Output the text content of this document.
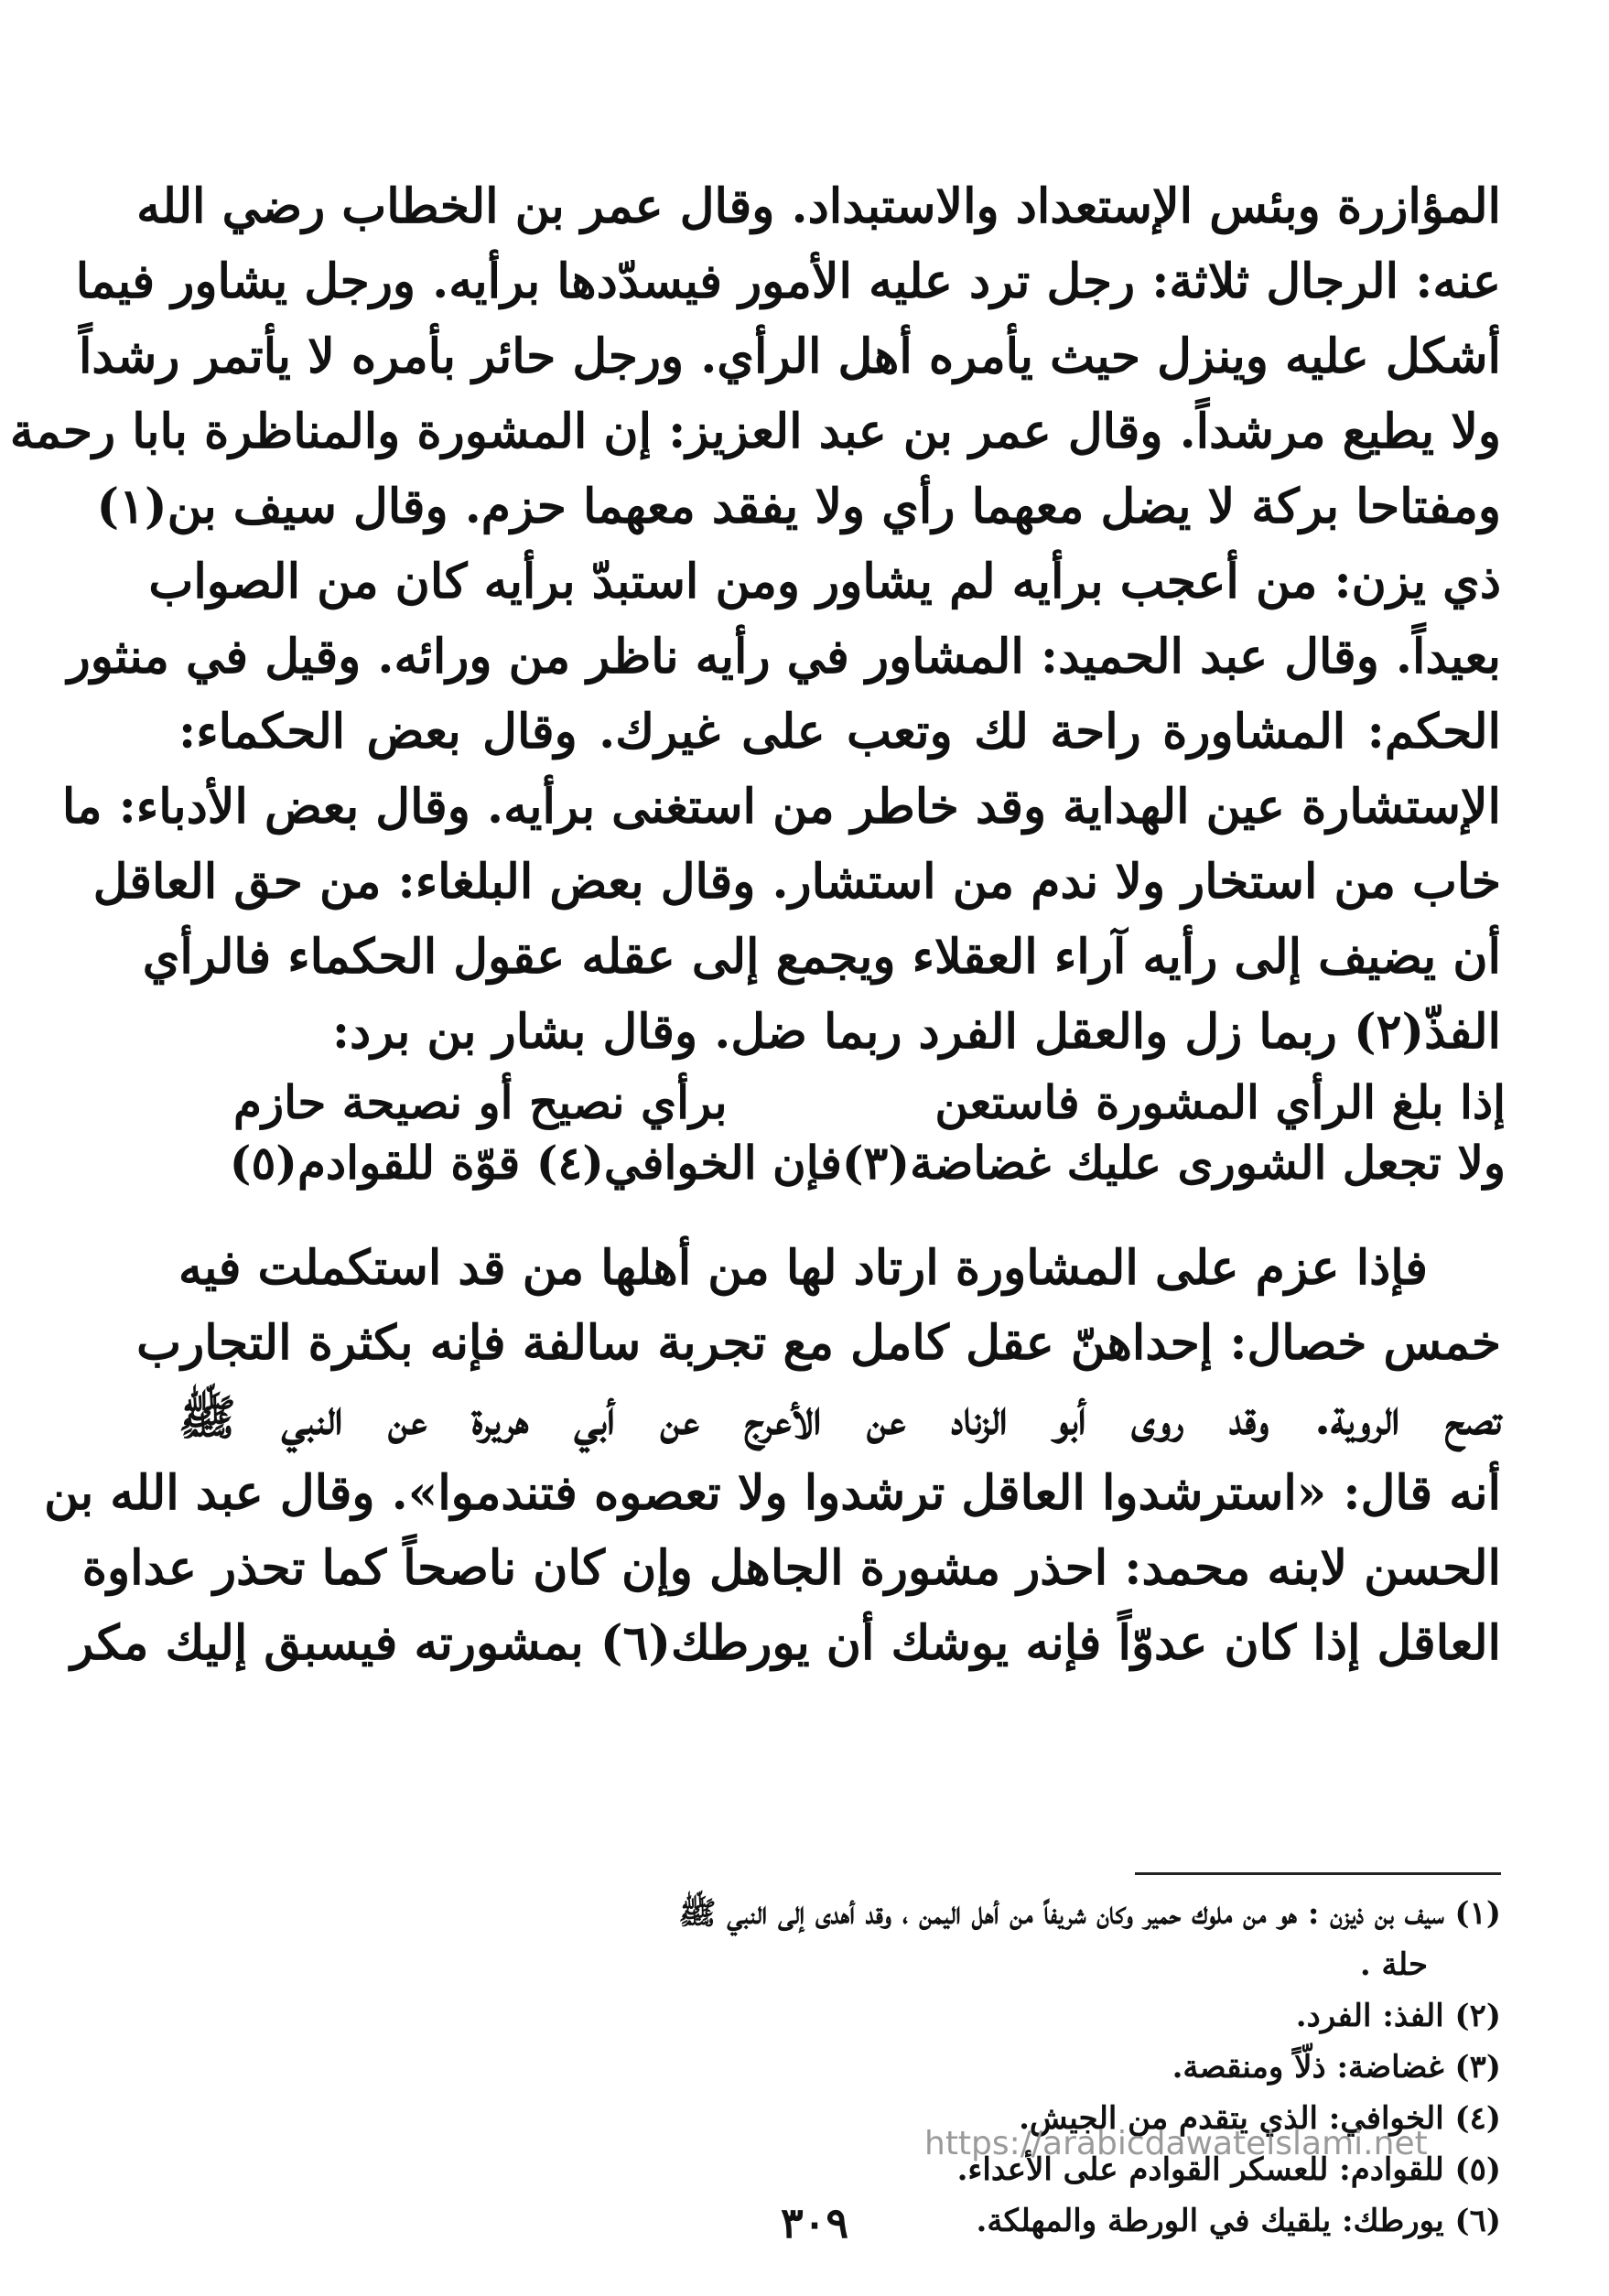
المؤازرة وبئس الإستعداد والاستبداد. وقال عمر بن الخطاب رضي الله
عنه: الرجال ثلاثة: رجل ترد عليه الأمور فيسدّدها برأيه. ورجل يشاور فيما
أشكل عليه وينزل حيث يأمره أهل الرأي. ورجل حائر بأمره لا يأتمر رشداً
ولا يطيع مرشداً. وقال عمر بن عبد العزيز: إن المشورة والمناظرة بابا رحمة
ومفتاحا بركة لا يضل معهما رأي ولا يفقد معهما حزم. وقال سيف بن(١)
ذي يزن: من أعجب برأيه لم يشاور ومن استبدّ برأيه كان من الصواب
بعيداً. وقال عبد الحميد: المشاور في رأيه ناظر من ورائه. وقيل في منثور
الحكم: المشاورة راحة لك وتعب على غيرك. وقال بعض الحكماء:
الإستشارة عين الهداية وقد خاطر من استغنى برأيه. وقال بعض الأدباء: ما
خاب من استخار ولا ندم من استشار. وقال بعض البلغاء: من حق العاقل
أن يضيف إلى رأيه آراء العقلاء ويجمع إلى عقله عقول الحكماء فالرأي
الفذّ(٢) ربما زل والعقل الفرد ربما ضل. وقال بشار بن برد:
إذا بلغ الرأي المشورة فاستعن
برأي نصيح أو نصيحة حازم
ولا تجعل الشورى عليك غضاضة(٣)
فإن الخوافي(٤) قوّة للقوادم(٥)
فإذا عزم على المشاورة ارتاد لها من أهلها من قد استكملت فيه
خمس خصال: إحداهنّ عقل كامل مع تجربة سالفة فإنه بكثرة التجارب
تصح الروية. وقد روى أبو الزناد عن الأعرج عن أبي هريرة عن النبي ﷺ
أنه قال: «استرشدوا العاقل ترشدوا ولا تعصوه فتندموا». وقال عبد الله بن
الحسن لابنه محمد: احذر مشورة الجاهل وإن كان ناصحاً كما تحذر عداوة
العاقل إذا كان عدوّاً فإنه يوشك أن يورطك(٦) بمشورته فيسبق إليك مكر
(١) سيف بن ذيزن : هو من ملوك حمير وكان شريفاً من أهل اليمن ، وقد أهدى إلى النبي ﷺ
حلة .
(٢) الفذ: الفرد.
(٣) غضاضة: ذلّاً ومنقصة.
(٤) الخوافي: الذي يتقدم من الجيش.
(٥) للقوادم: للعسكر القوادم على الأعداء.
(٦) يورطك: يلقيك في الورطة والمهلكة.
https://arabicdawateislami.net
٣٠٩
